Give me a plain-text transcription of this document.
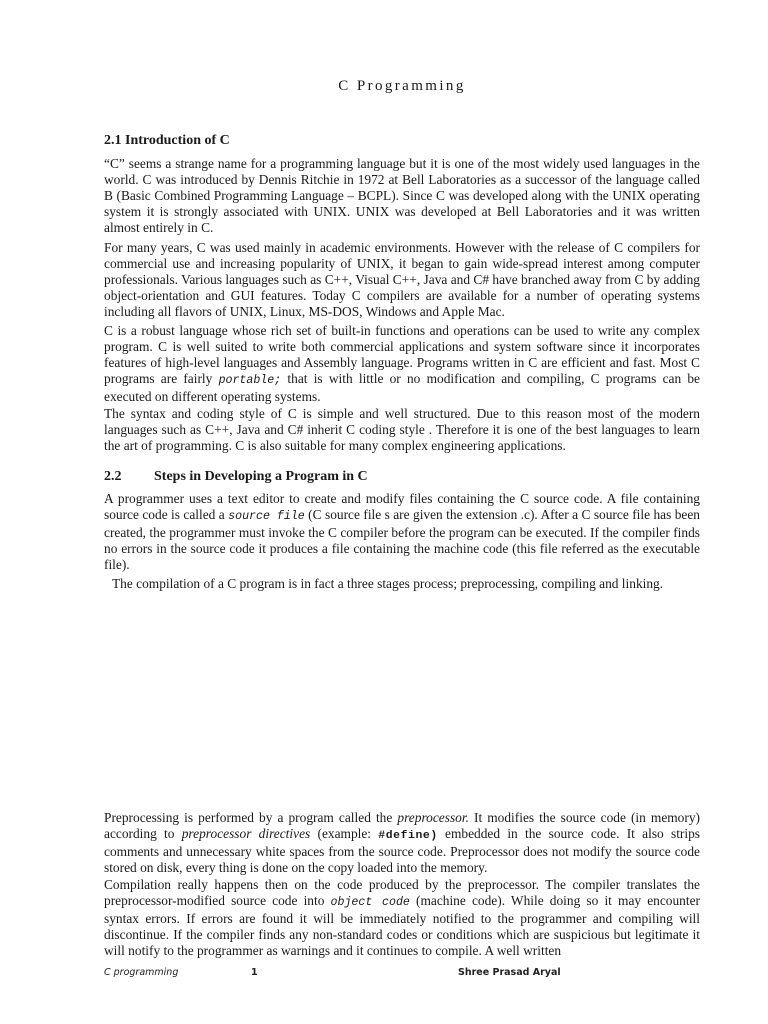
C Programming
2.1 Introduction of C
“C” seems a strange name for a programming language but it is one of the most widely used languages in the world. C was introduced by Dennis Ritchie in 1972 at Bell Laboratories as a successor of the language called B (Basic Combined Programming Language – BCPL). Since C was developed along with the UNIX operating system it is strongly associated with UNIX. UNIX was developed at Bell Laboratories and it was written almost entirely in C.
For many years, C was used mainly in academic environments. However with the release of C compilers for commercial use and increasing popularity of UNIX, it began to gain wide-spread interest among computer professionals. Various languages such as C++, Visual C++, Java and C# have branched away from C by adding object-orientation and GUI features. Today C compilers are available for a number of operating systems including all flavors of UNIX, Linux, MS-DOS, Windows and Apple Mac.
C is a robust language whose rich set of built-in functions and operations can be used to write any complex program. C is well suited to write both commercial applications and system software since it incorporates features of high-level languages and Assembly language. Programs written in C are efficient and fast. Most C programs are fairly portable; that is with little or no modification and compiling, C programs can be executed on different operating systems.
The syntax and coding style of C is simple and well structured. Due to this reason most of the modern languages such as C++, Java and C# inherit C coding style . Therefore it is one of the best languages to learn the art of programming. C is also suitable for many complex engineering applications.
2.2 Steps in Developing a Program in C
A programmer uses a text editor to create and modify files containing the C source code. A file containing source code is called a source file (C source file s are given the extension .c). After a C source file has been created, the programmer must invoke the C compiler before the program can be executed. If the compiler finds no errors in the source code it produces a file containing the machine code (this file referred as the executable file).
The compilation of a C program is in fact a three stages process; preprocessing, compiling and linking.
Preprocessing is performed by a program called the preprocessor. It modifies the source code (in memory) according to preprocessor directives (example: #define) embedded in the source code. It also strips comments and unnecessary white spaces from the source code. Preprocessor does not modify the source code stored on disk, every thing is done on the copy loaded into the memory.
Compilation really happens then on the code produced by the preprocessor. The compiler translates the preprocessor-modified source code into object code (machine code). While doing so it may encounter syntax errors. If errors are found it will be immediately notified to the programmer and compiling will discontinue. If the compiler finds any non-standard codes or conditions which are suspicious but legitimate it will notify to the programmer as warnings and it continues to compile. A well written
C programming	1	Shree Prasad Aryal
